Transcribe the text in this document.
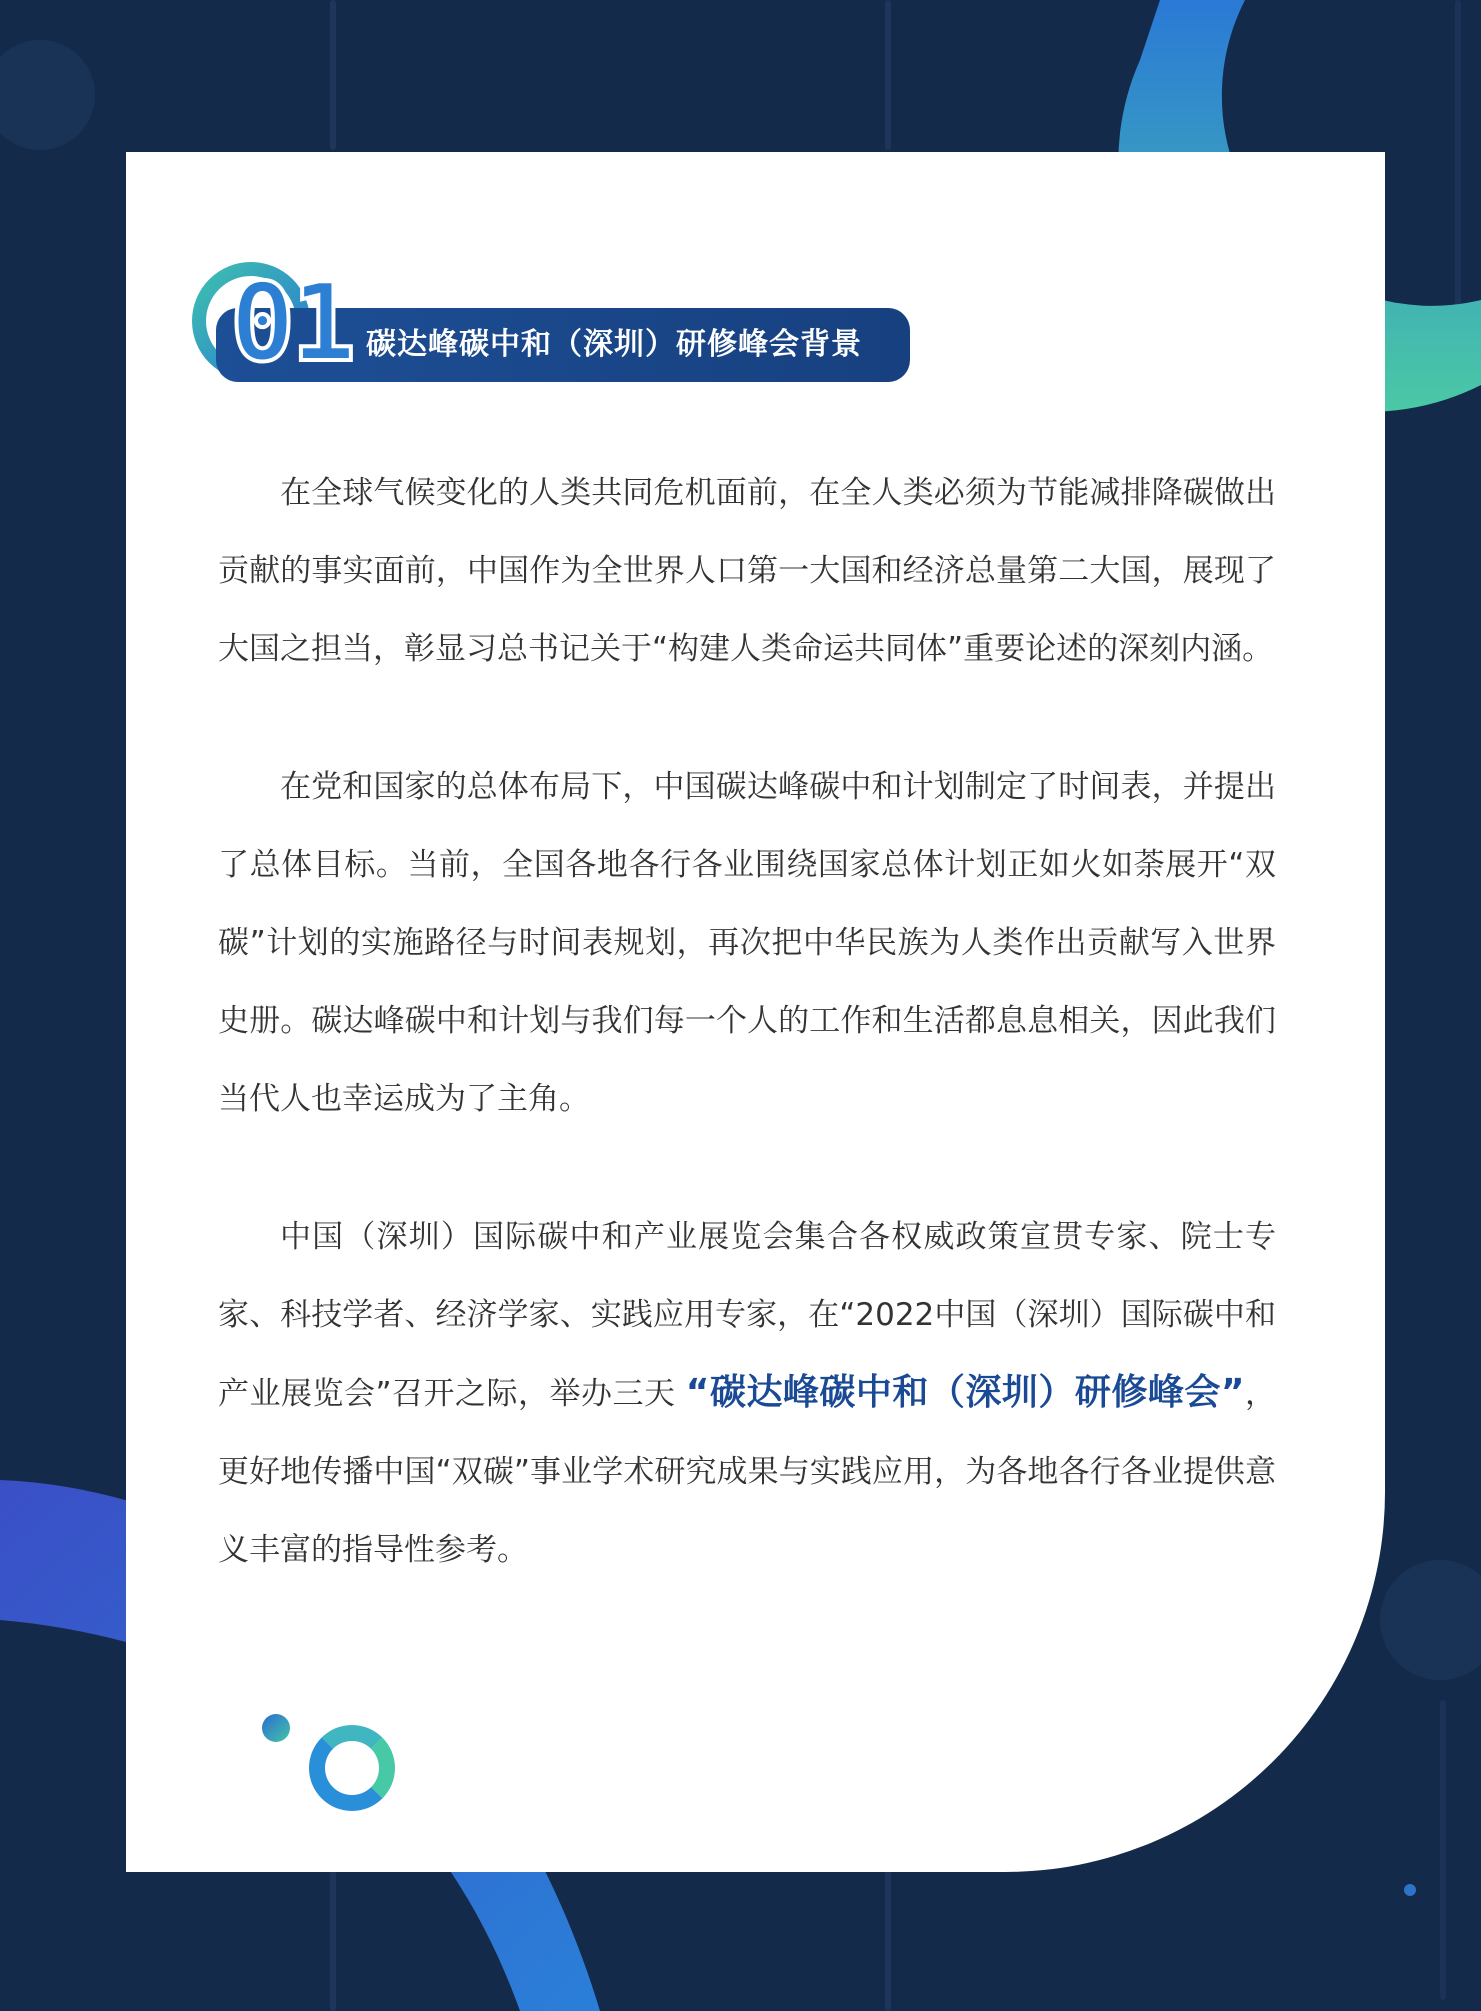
01 碳达峰碳中和（深圳）研修峰会背景
在全球气候变化的人类共同危机面前，在全人类必须为节能减排降碳做出贡献的事实面前，中国作为全世界人口第一大国和经济总量第二大国，展现了大国之担当，彰显习总书记关于“构建人类命运共同体”重要论述的深刻内涵。
在党和国家的总体布局下，中国碳达峰碳中和计划制定了时间表，并提出了总体目标。当前，全国各地各行各业围绕国家总体计划正如火如荼展开“双碳”计划的实施路径与时间表规划，再次把中华民族为人类作出贡献写入世界史册。碳达峰碳中和计划与我们每一个人的工作和生活都息息相关，因此我们当代人也幸运成为了主角。
中国（深圳）国际碳中和产业展览会集合各权威政策宣贯专家、院士专家、科技学者、经济学家、实践应用专家，在“2022中国（深圳）国际碳中和产业展览会”召开之际，举办三天 “碳达峰碳中和（深圳）研修峰会”，更好地传播中国“双碳”事业学术研究成果与实践应用，为各地各行各业提供意义丰富的指导性参考。
